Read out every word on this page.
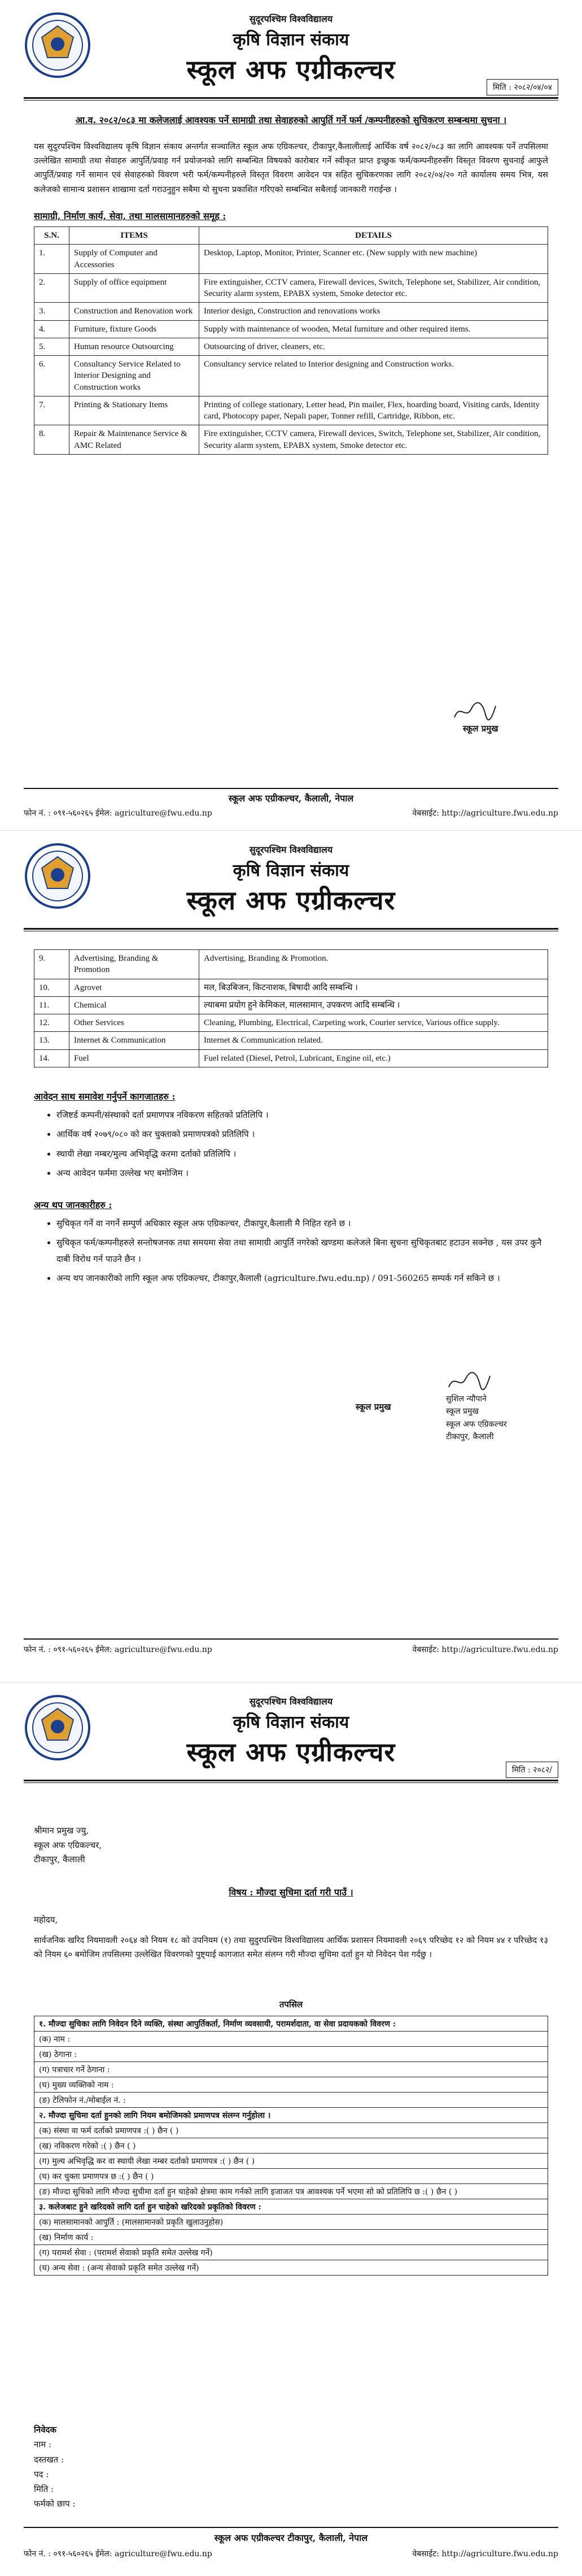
सुदूरपश्चिम विश्वविद्यालय
कृषि विज्ञान संकाय
स्कूल अफ एग्रीकल्चर
मिति : २०८२/०४/०४
आ.व. २०८२/०८३ मा कलेजलाई आवश्यक पर्ने सामाग्री तथा सेवाहरुको आपुर्ति गर्ने फर्म /कम्पनीहरुको सुचिकरण सम्बन्धमा सुचना ।
यस सुदुरपश्चिम विश्वविद्यालय कृषि विज्ञान संकाय अन्तर्गत सञ्चालित स्कूल अफ एग्रिकल्चर, टीकापुर,कैलालीलाई आर्थिक वर्ष २०८२/०८३ का लागि आवश्यक पर्ने तपसिलमा उल्लेखित सामाग्री तथा सेवाहरु आपुर्ति/प्रवाह गर्न प्रयोजनको लागि सम्बन्धित विषयको कारोबार गर्ने स्वीकृत प्राप्त इच्छुक फर्म/कम्पनीहरुसँग विस्तृत विवरण सुचनाई आफुले आपुर्ति/प्रवाह गर्ने सामान एवं सेवाहरुको विवरण भरी फर्म/कम्पनीहरुले विस्तृत विवरण आवेदन पत्र सहित सुचिकरणका लागि २०८२/०४/२० गते कार्यालय समय भित्र, यस कलेजको सामान्य प्रशासन शाखामा दर्ता गराउनुहुन सबैमा यो सुचना प्रकाशित गरिएको सम्बन्धित सबैलाई जानकारी गराईन्छ ।
सामाग्री, निर्माण कार्य, सेवा, तथा मालसामानहरुको समूह :
S.N.	ITEMS	DETAILS
1.	Supply of Computer and Accessories	Desktop, Laptop, Monitor, Printer, Scanner etc. (New supply with new machine)
2.	Supply of office equipment	Fire extinguisher, CCTV camera, Firewall devices, Switch, Telephone set, Stabilizer, Air condition, Security alarm system, EPABX system, Smoke detector etc.
3.	Construction and Renovation work	Interior design, Construction and renovations works
4.	Furniture, fixture Goods	Supply with maintenance of wooden, Metal furniture and other required items.
5.	Human resource Outsourcing	Outsourcing of driver, cleaners, etc.
6.	Consultancy Service Related to Interior Designing and Construction works	Consultancy service related to Interior designing and Construction works.
7.	Printing & Stationary Items	Printing of college stationary, Letter head, Pin mailer, Flex, hoarding board, Visiting cards, Identity card, Photocopy paper, Nepali paper, Tonner refill, Cartridge, Ribbon, etc.
8.	Repair & Maintenance Service & AMC Related	Fire extinguisher, CCTV camera, Firewall devices, Switch, Telephone set, Stabilizer, Air condition, Security alarm system, EPABX system, Smoke detector etc.
स्कूल प्रमुख
स्कूल अफ एग्रीकल्चर, कैलाली, नेपाल
फोन नं. : ०९१-५६०२६५ ईमेल: agriculture@fwu.edu.np	वेबसाईट: http://agriculture.fwu.edu.np
सुदूरपश्चिम विश्वविद्यालय
कृषि विज्ञान संकाय
स्कूल अफ एग्रीकल्चर
9.	Advertising, Branding & Promotion	Advertising, Branding & Promotion.
10.	Agrovet	मल, बिउबिजन, किटनाशक, बिषादी आदि सम्बन्धि ।
11.	Chemical	ल्याबमा प्रयोग हुने केमिकल, मालसामान, उपकरण आदि सम्बन्धि ।
12.	Other Services	Cleaning, Plumbing, Electrical, Carpeting work, Courier service, Various office supply.
13.	Internet & Communication	Internet & Communication related.
14.	Fuel	Fuel related (Diesel, Petrol, Lubricant, Engine oil, etc.)
आवेदन साथ समावेश गर्नुपर्ने कागजातहरु :
• रजिष्टर्ड कम्पनी/संस्थाको दर्ता प्रमाणपत्र नविकरण सहितको प्रतिलिपि ।
• आर्थिक वर्ष २०७९/०८० को कर चुक्ताको प्रमाणपत्रको प्रतिलिपि ।
• स्थायी लेखा नम्बर/मुल्य अभिवृद्धि करमा दर्ताको प्रतिलिपि ।
• अन्य आवेदन फर्ममा उल्लेख भए बमोजिम ।
अन्य थप जानकारीहरु :
• सुचिकृत गर्ने वा नगर्ने सम्पुर्ण अधिकार स्कूल अफ एग्रिकल्चर, टीकापुर,कैलाली मै निहित रहने छ ।
• सुचिकृत फर्म/कम्पनीहरुले सन्तोषजनक तथा समयमा सेवा तथा सामाग्री आपुर्ति नगरेको खण्डमा कलेजले बिना सुचना सुचिकृतबाट हटाउन सक्नेछ , यस उपर कुनै दाबी विरोध गर्न पाउने छैन ।
• अन्य थप जानकारीको लागि स्कूल अफ एग्रिकल्चर, टीकापुर,कैलाली (agriculture.fwu.edu.np) / 091-560265 सम्पर्क गर्न सकिने छ ।
स्कूल प्रमुख
सुशिल न्यौपाने
स्कूल प्रमुख
स्कूल अफ एग्रिकल्चर
टीकापुर, कैलाली
फोन नं. : ०९१-५६०२६५ ईमेल: agriculture@fwu.edu.np	वेबसाईट: http://agriculture.fwu.edu.np
सुदूरपश्चिम विश्वविद्यालय
कृषि विज्ञान संकाय
स्कूल अफ एग्रीकल्चर
मिति : २०८२/
श्रीमान प्रमुख ज्यु,
स्कूल अफ एग्रिकल्चर,
टीकापुर, कैलाली
विषय : मौज्दा सुचिमा दर्ता गरी पाउँ ।
महोदय,
सार्वजनिक खरिद नियमावली २०६४ को नियम १८ को उपनियम (१) तथा सुदुरपश्चिम विश्वविद्यालय आर्थिक प्रशासन नियमावली २०६९ परिच्छेद १२ को नियम ४४ र परिच्छेद १३ को नियम ६० बमोजिम तपसिलमा उल्लेखित विवरणको पुष्ट्याई कागजात समेत संलग्न गरी मौज्दा सुचिमा दर्ता हुन यो निवेदन पेश गर्दछु ।
तपसिल
१. मौज्दा सुचिका लागि निवेदन दिने व्यक्ति, संस्था आपुर्तिकर्ता, निर्माण व्यवसायी, परामर्शदाता, वा सेवा प्रदायकको विवरण :
(क) नाम :
(ख) ठेगाना :
(ग) पत्राचार गर्ने ठेगाना :
(घ) मुख्य व्यक्तिको नाम :
(ङ) टेलिफोन नं./मोबाईल नं. :
२. मौज्दा सुचिमा दर्ता हुनको लागि नियम बमोजिमको प्रमाणपत्र संलग्न गर्नुहोला ।
(क) संस्था वा फर्म दर्ताको प्रमाणपत्र :( ) छैन ( )
(ख) नविकरण गरेको :( ) छैन ( )
(ग) मुल्य अभिवृद्धि कर वा स्थायी लेखा नम्बर दर्ताको प्रमाणपत्र :( ) छैन ( )
(घ) कर चुक्ता प्रमाणपत्र छ :( ) छैन ( )
(ङ) मौज्दा सुचिको लागि मौज्दा सुचीमा दर्ता हुन चाहेको क्षेत्रमा काम गर्नको लागि इजाजत पत्र आवश्यक पर्ने भएमा सो को प्रतिलिपि छ :( ) छैन ( )
३. कलेजबाट हुने खरिदको लागि दर्ता हुन चाहेको खरिदको प्रकृतिको विवरण :
(क) मालसामानको आपुर्ति : (मालसामानको प्रकृति खुलाउनुहोस)
(ख) निर्माण कार्य :
(ग) परामर्श सेवा : (परामर्श सेवाको प्रकृति समेत उल्लेख गर्ने)
(घ) अन्य सेवा : (अन्य सेवाको प्रकृति समेत उल्लेख गर्ने)
निवेदक
नाम :
दस्तखत :
पद :
मिति :
फर्मको छाप :
स्कूल अफ एग्रीकल्चर टीकापुर, कैलाली, नेपाल
फोन नं. : ०९१-५६०२६५ ईमेल: agriculture@fwu.edu.np	वेबसाईट: http://agriculture.fwu.edu.np
